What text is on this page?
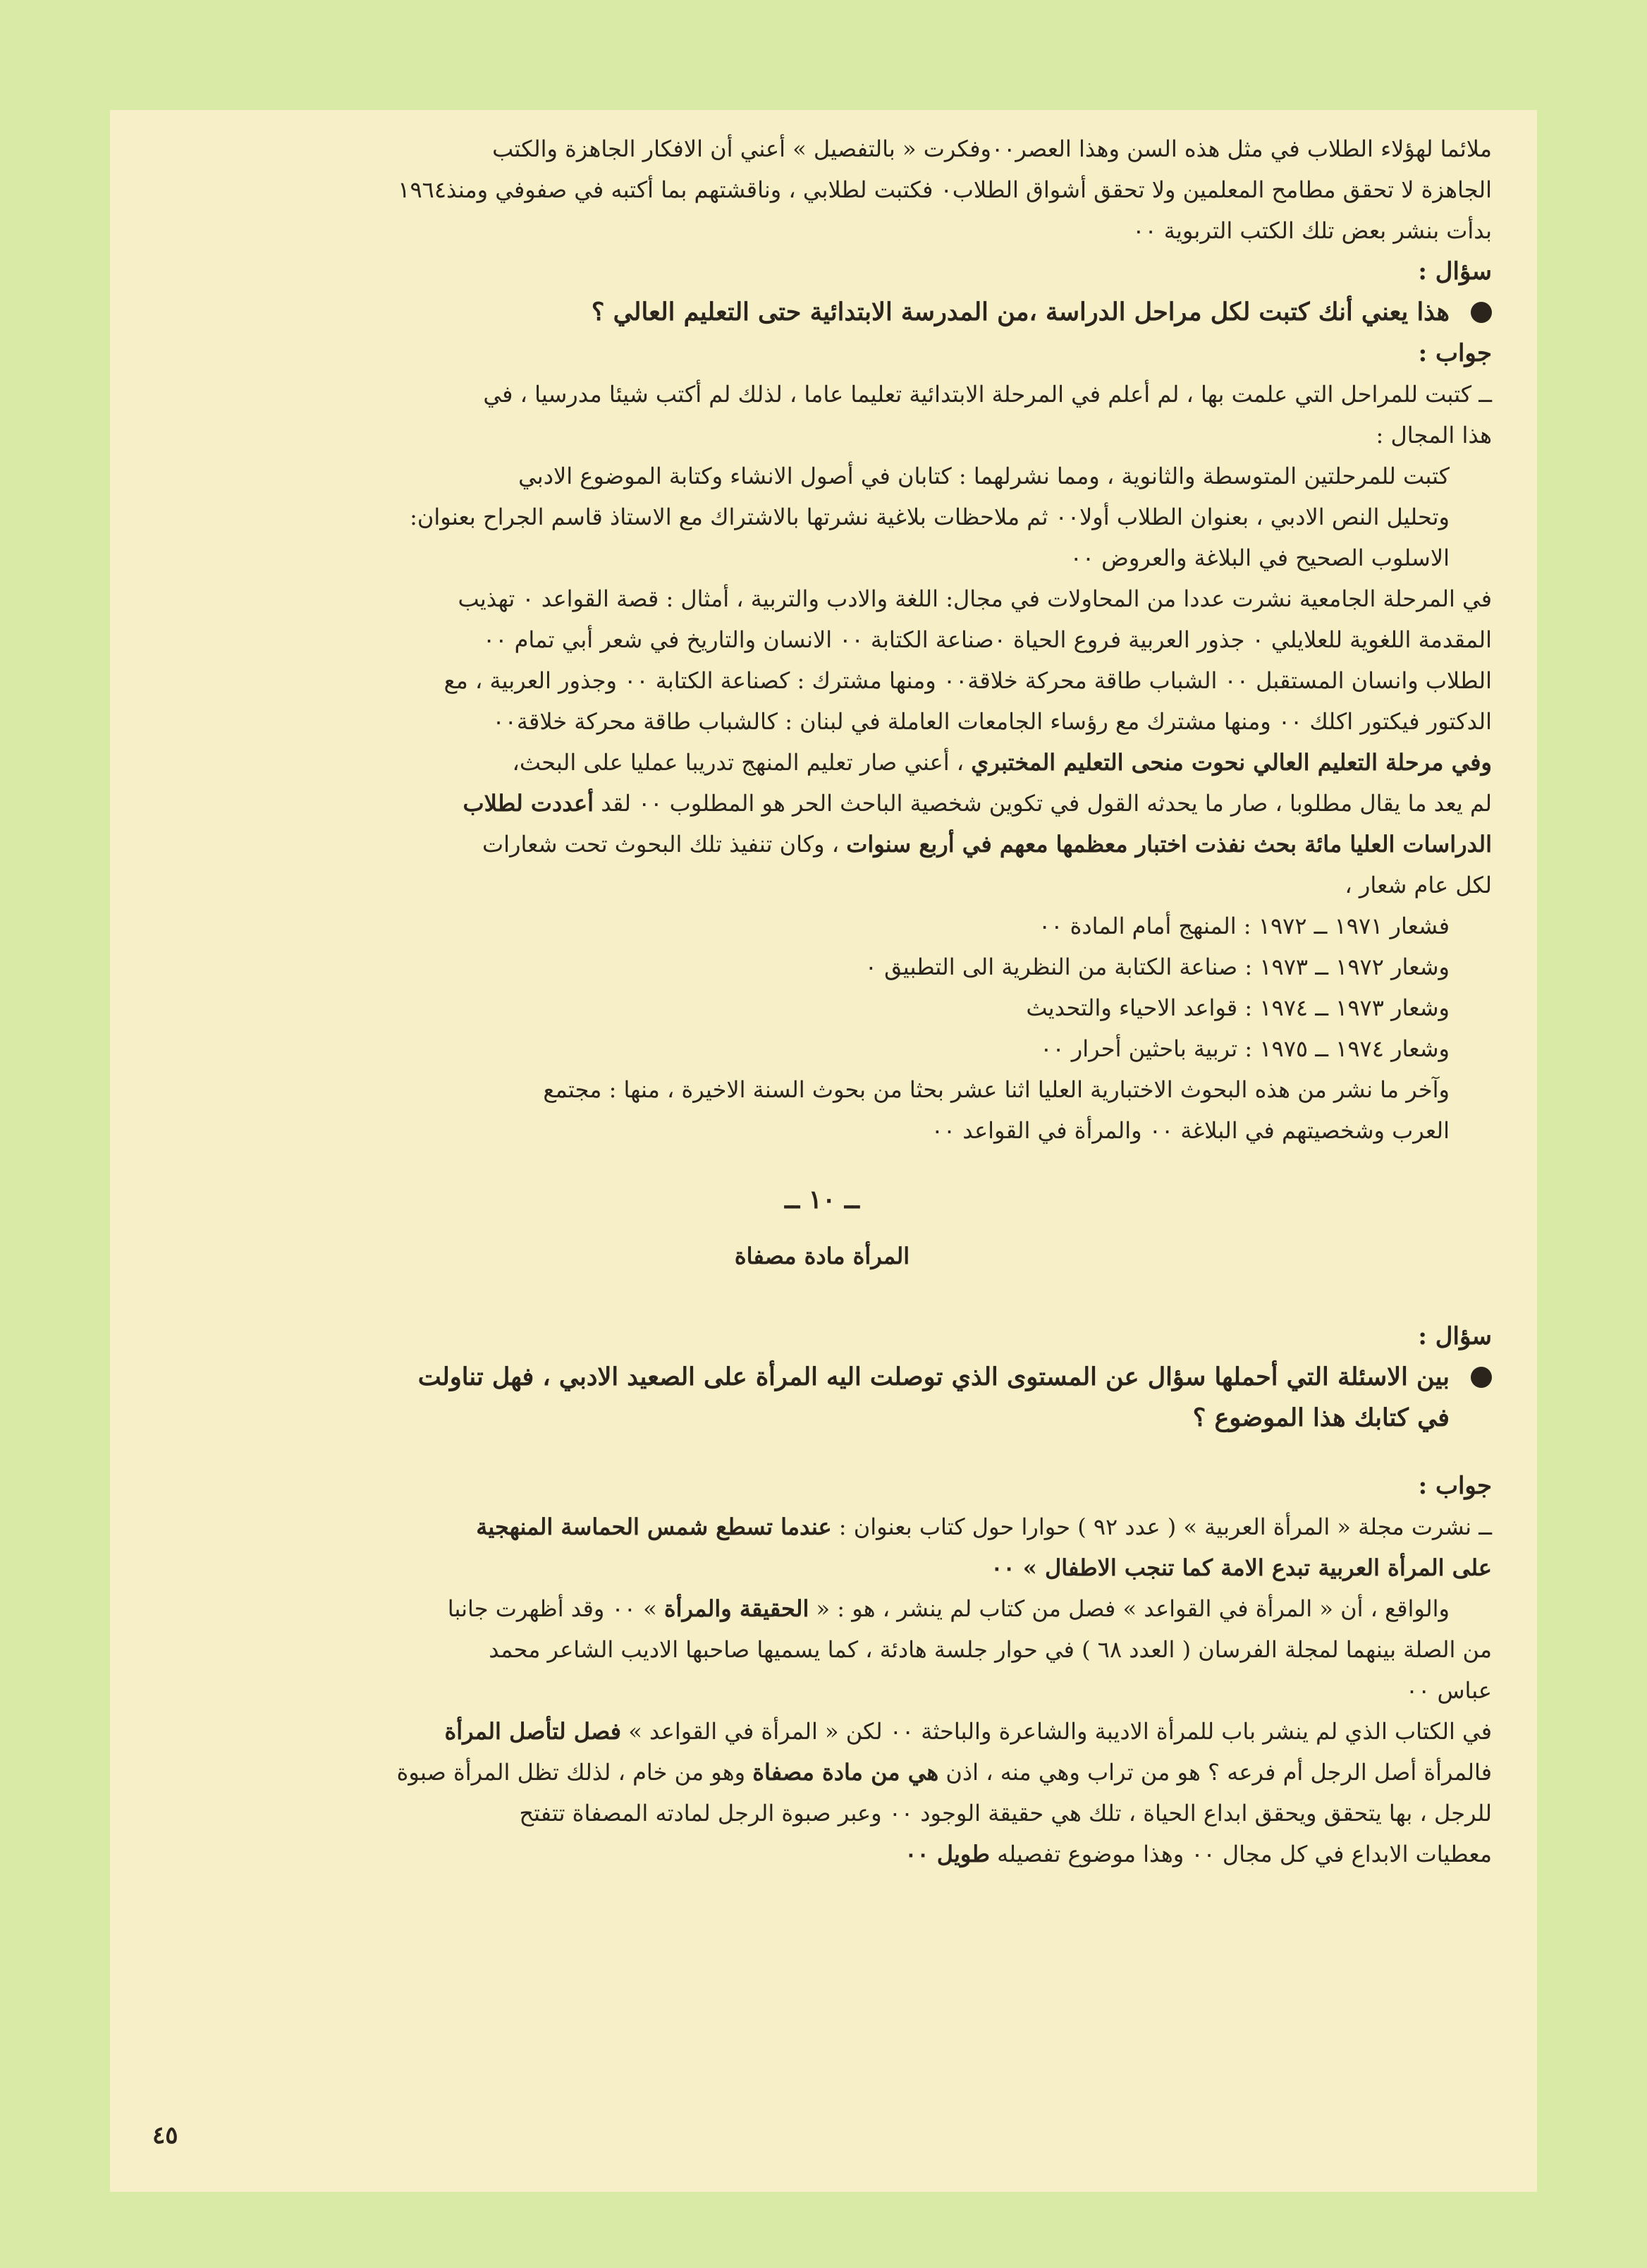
ملائما لهؤلاء الطلاب في مثل هذه السن وهذا العصر٠٠وفكرت « بالتفصيل » أعني أن الافكار الجاهزة والكتب
الجاهزة لا تحقق مطامح المعلمين ولا تحقق أشواق الطلاب٠ فكتبت لطلابي ، وناقشتهم بما أكتبه في صفوفي ومنذ١٩٦٤
بدأت بنشر بعض تلك الكتب التربوية ٠٠

سؤال :

هذا يعني أنك كتبت لكل مراحل الدراسة ،من المدرسة الابتدائية حتى التعليم العالي ؟

جواب :

ــ كتبت للمراحل التي علمت بها ، لم أعلم في المرحلة الابتدائية تعليما عاما ، لذلك لم أكتب شيئا مدرسيا ، في
هذا المجال :

كتبت للمرحلتين المتوسطة والثانوية ، ومما نشرلهما : كتابان في أصول الانشاء وكتابة الموضوع الادبي
وتحليل النص الادبي ، بعنوان الطلاب أولا٠٠ ثم ملاحظات بلاغية نشرتها بالاشتراك مع الاستاذ قاسم الجراح بعنوان:
الاسلوب الصحيح في البلاغة والعروض ٠٠

في المرحلة الجامعية نشرت عددا من المحاولات في مجال: اللغة والادب والتربية ، أمثال : قصة القواعد ٠ تهذيب
المقدمة اللغوية للعلايلي ٠ جذور العربية فروع الحياة ٠صناعة الكتابة ٠٠ الانسان والتاريخ في شعر أبي تمام ٠٠
الطلاب وانسان المستقبل ٠٠ الشباب طاقة محركة خلاقة٠٠ ومنها مشترك : كصناعة الكتابة ٠٠ وجذور العربية ، مع
الدكتور فيكتور اكلك ٠٠ ومنها مشترك مع رؤساء الجامعات العاملة في لبنان : كالشباب طاقة محركة خلاقة٠٠

وفي مرحلة التعليم العالي نحوت منحى التعليم المختبري ، أعني صار تعليم المنهج تدريبا عمليا على البحث،
لم يعد ما يقال مطلوبا ، صار ما يحدثه القول في تكوين شخصية الباحث الحر هو المطلوب ٠٠ لقد أعددت لطلاب
الدراسات العليا مائة بحث نفذت اختبار معظمها معهم في أربع سنوات ، وكان تنفيذ تلك البحوث تحت شعارات
لكل عام شعار ،

فشعار ١٩٧١ ــ ١٩٧٢ : المنهج أمام المادة ٠٠
وشعار ١٩٧٢ ــ ١٩٧٣ : صناعة الكتابة من النظرية الى التطبيق ٠
وشعار ١٩٧٣ ــ ١٩٧٤ : قواعد الاحياء والتحديث
وشعار ١٩٧٤ ــ ١٩٧٥ : تربية باحثين أحرار ٠٠

وآخر ما نشر من هذه البحوث الاختبارية العليا اثنا عشر بحثا من بحوث السنة الاخيرة ، منها : مجتمع
العرب وشخصيتهم في البلاغة ٠٠ والمرأة في القواعد ٠٠

ــ ١٠ ــ

المرأة مادة مصفاة

سؤال :

بين الاسئلة التي أحملها سؤال عن المستوى الذي توصلت اليه المرأة على الصعيد الادبي ، فهل تناولت
في كتابك هذا الموضوع ؟

جواب :

ــ نشرت مجلة « المرأة العربية » ( عدد ٩٢ ) حوارا حول كتاب بعنوان : عندما تسطع شمس الحماسة المنهجية
على المرأة العربية تبدع الامة كما تنجب الاطفال » ٠٠

والواقع ، أن « المرأة في القواعد » فصل من كتاب لم ينشر ، هو : « الحقيقة والمرأة » ٠٠ وقد أظهرت جانبا

من الصلة بينهما لمجلة الفرسان ( العدد ٦٨ ) في حوار جلسة هادئة ، كما يسميها صاحبها الاديب الشاعر محمد
عباس ٠٠

في الكتاب الذي لم ينشر باب للمرأة الاديبة والشاعرة والباحثة ٠٠ لكن « المرأة في القواعد » فصل لتأصل المرأة
فالمرأة أصل الرجل أم فرعه ؟ هو من تراب وهي منه ، اذن هي من مادة مصفاة وهو من خام ، لذلك تظل المرأة صبوة
للرجل ، بها يتحقق ويحقق ابداع الحياة ، تلك هي حقيقة الوجود ٠٠ وعبر صبوة الرجل لمادته المصفاة تتفتح
معطيات الابداع في كل مجال ٠٠ وهذا موضوع تفصيله طويل ٠٠

٤٥
